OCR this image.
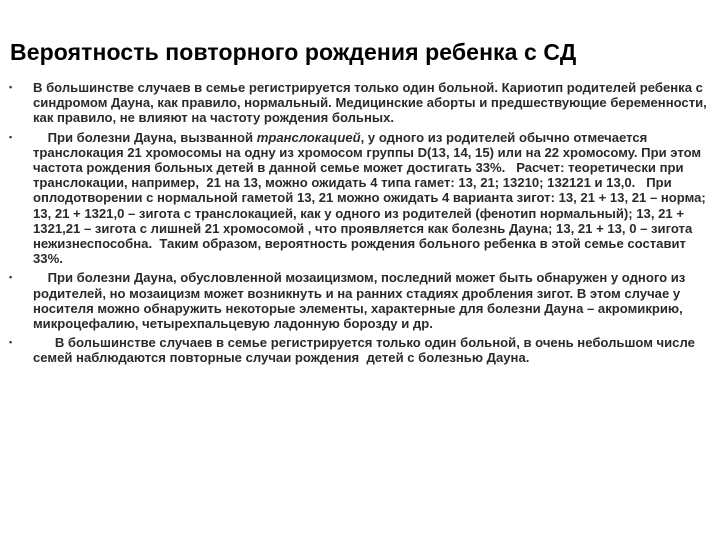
Вероятность повторного рождения ребенка с СД
• В большинстве случаев в семье регистрируется только один больной. Кариотип родителей ребенка с синдромом Дауна, как правило, нормальный. Медицинские аборты и предшествующие беременности, как правило, не влияют на частоту рождения больных.
• При болезни Дауна, вызванной транслокацией, у одного из родителей обычно отмечается транслокация 21 хромосомы на одну из хромосом группы D(13, 14, 15) или на 22 хромосому. При этом частота рождения больных детей в данной семье может достигать 33%.   Расчет: теоретически при транслокации, например,  21 на 13, можно ожидать 4 типа гамет: 13, 21; 13210; 132121 и 13,0.   При оплодотворении с нормальной гаметой 13, 21 можно ожидать 4 варианта зигот: 13, 21 + 13, 21 – норма; 13, 21 + 1321,0 – зигота с транслокацией, как у одного из родителей (фенотип нормальный); 13, 21 + 1321,21 – зигота с лишней 21 хромосомой , что проявляется как болезнь Дауна; 13, 21 + 13, 0 – зигота нежизнеспособна.  Таким образом, вероятность рождения больного ребенка в этой семье составит 33%.
• При болезни Дауна, обусловленной мозаицизмом, последний может быть обнаружен у одного из родителей, но мозаицизм может возникнуть и на ранних стадиях дробления зигот. В этом случае у носителя можно обнаружить некоторые элементы, характерные для болезни Дауна – акромикрию, микроцефалию, четырехпальцевую ладонную борозду и др.
• В большинстве случаев в семье регистрируется только один больной, в очень небольшом числе семей наблюдаются повторные случаи рождения  детей с болезнью Дауна.
